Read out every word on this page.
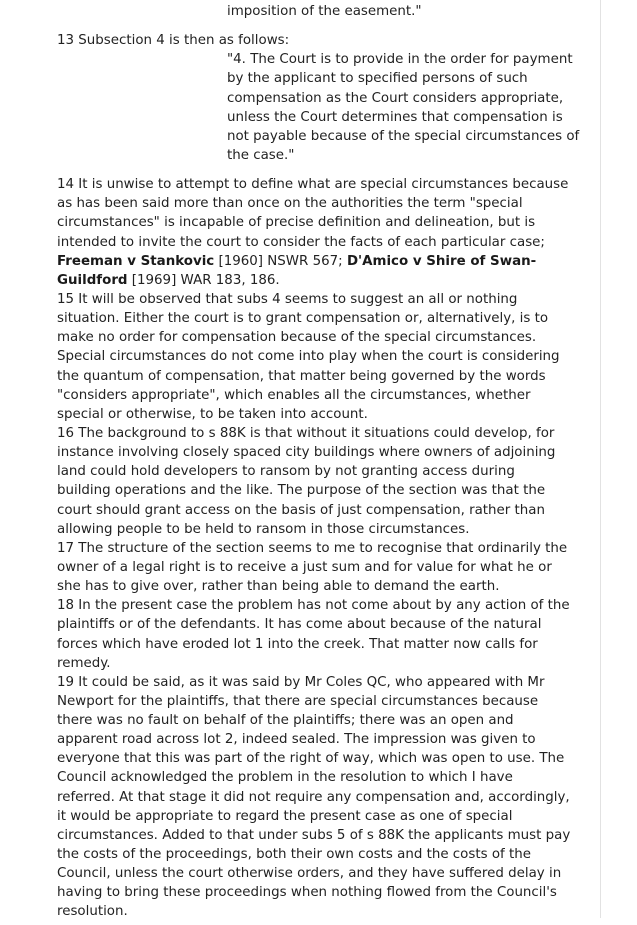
imposition of the easement."
13 Subsection 4 is then as follows:
"4. The Court is to provide in the order for payment
by the applicant to specified persons of such
compensation as the Court considers appropriate,
unless the Court determines that compensation is
not payable because of the special circumstances of
the case."
14 It is unwise to attempt to define what are special circumstances because
as has been said more than once on the authorities the term "special
circumstances" is incapable of precise definition and delineation, but is
intended to invite the court to consider the facts of each particular case;
Freeman v Stankovic [1960] NSWR 567; D'Amico v Shire of Swan-
Guildford [1969] WAR 183, 186.
15 It will be observed that subs 4 seems to suggest an all or nothing
situation. Either the court is to grant compensation or, alternatively, is to
make no order for compensation because of the special circumstances.
Special circumstances do not come into play when the court is considering
the quantum of compensation, that matter being governed by the words
"considers appropriate", which enables all the circumstances, whether
special or otherwise, to be taken into account.
16 The background to s 88K is that without it situations could develop, for
instance involving closely spaced city buildings where owners of adjoining
land could hold developers to ransom by not granting access during
building operations and the like. The purpose of the section was that the
court should grant access on the basis of just compensation, rather than
allowing people to be held to ransom in those circumstances.
17 The structure of the section seems to me to recognise that ordinarily the
owner of a legal right is to receive a just sum and for value for what he or
she has to give over, rather than being able to demand the earth.
18 In the present case the problem has not come about by any action of the
plaintiffs or of the defendants. It has come about because of the natural
forces which have eroded lot 1 into the creek. That matter now calls for
remedy.
19 It could be said, as it was said by Mr Coles QC, who appeared with Mr
Newport for the plaintiffs, that there are special circumstances because
there was no fault on behalf of the plaintiffs; there was an open and
apparent road across lot 2, indeed sealed. The impression was given to
everyone that this was part of the right of way, which was open to use. The
Council acknowledged the problem in the resolution to which I have
referred. At that stage it did not require any compensation and, accordingly,
it would be appropriate to regard the present case as one of special
circumstances. Added to that under subs 5 of s 88K the applicants must pay
the costs of the proceedings, both their own costs and the costs of the
Council, unless the court otherwise orders, and they have suffered delay in
having to bring these proceedings when nothing flowed from the Council's
resolution.
